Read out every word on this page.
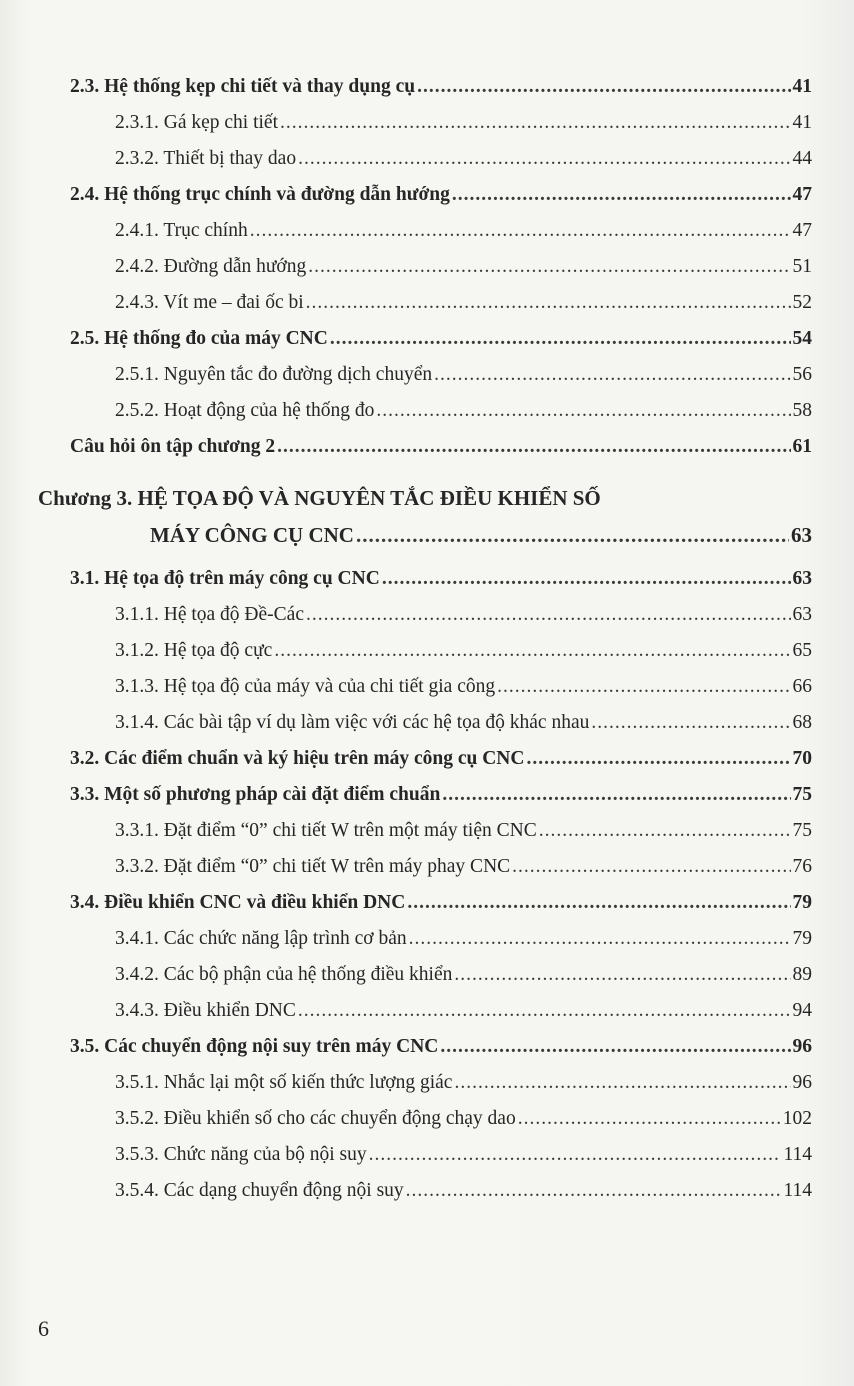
2.3. Hệ thống kẹp chi tiết và thay dụng cụ .....	41
2.3.1. Gá kẹp chi tiết .....	41
2.3.2. Thiết bị thay dao .....	44
2.4. Hệ thống trục chính và đường dẫn hướng .....	47
2.4.1. Trục chính .....	47
2.4.2. Đường dẫn hướng .....	51
2.4.3. Vít me – đai ốc bi .....	52
2.5. Hệ thống đo của máy CNC .....	54
2.5.1. Nguyên tắc đo đường dịch chuyển .....	56
2.5.2. Hoạt động của hệ thống đo .....	58
Câu hỏi ôn tập chương 2 .....	61
Chương 3. HỆ TỌA ĐỘ VÀ NGUYÊN TẮC ĐIỀU KHIỂN SỐ
MÁY CÔNG CỤ CNC .....	63
3.1. Hệ tọa độ trên máy công cụ CNC .....	63
3.1.1. Hệ tọa độ Đề-Các .....	63
3.1.2. Hệ tọa độ cực .....	65
3.1.3. Hệ tọa độ của máy và của chi tiết gia công .....	66
3.1.4. Các bài tập ví dụ làm việc với các hệ tọa độ khác nhau .....	68
3.2. Các điểm chuẩn và ký hiệu trên máy công cụ CNC .....	70
3.3. Một số phương pháp cài đặt điểm chuẩn .....	75
3.3.1. Đặt điểm “0” chi tiết W trên một máy tiện CNC .....	75
3.3.2. Đặt điểm “0” chi tiết W trên máy phay CNC .....	76
3.4. Điều khiển CNC và điều khiển DNC .....	79
3.4.1. Các chức năng lập trình cơ bản .....	79
3.4.2. Các bộ phận của hệ thống điều khiển .....	89
3.4.3. Điều khiển DNC .....	94
3.5. Các chuyển động nội suy trên máy CNC .....	96
3.5.1. Nhắc lại một số kiến thức lượng giác .....	96
3.5.2. Điều khiển số cho các chuyển động chạy dao .....	102
3.5.3. Chức năng của bộ nội suy .....	114
3.5.4. Các dạng chuyển động nội suy .....	114
6
